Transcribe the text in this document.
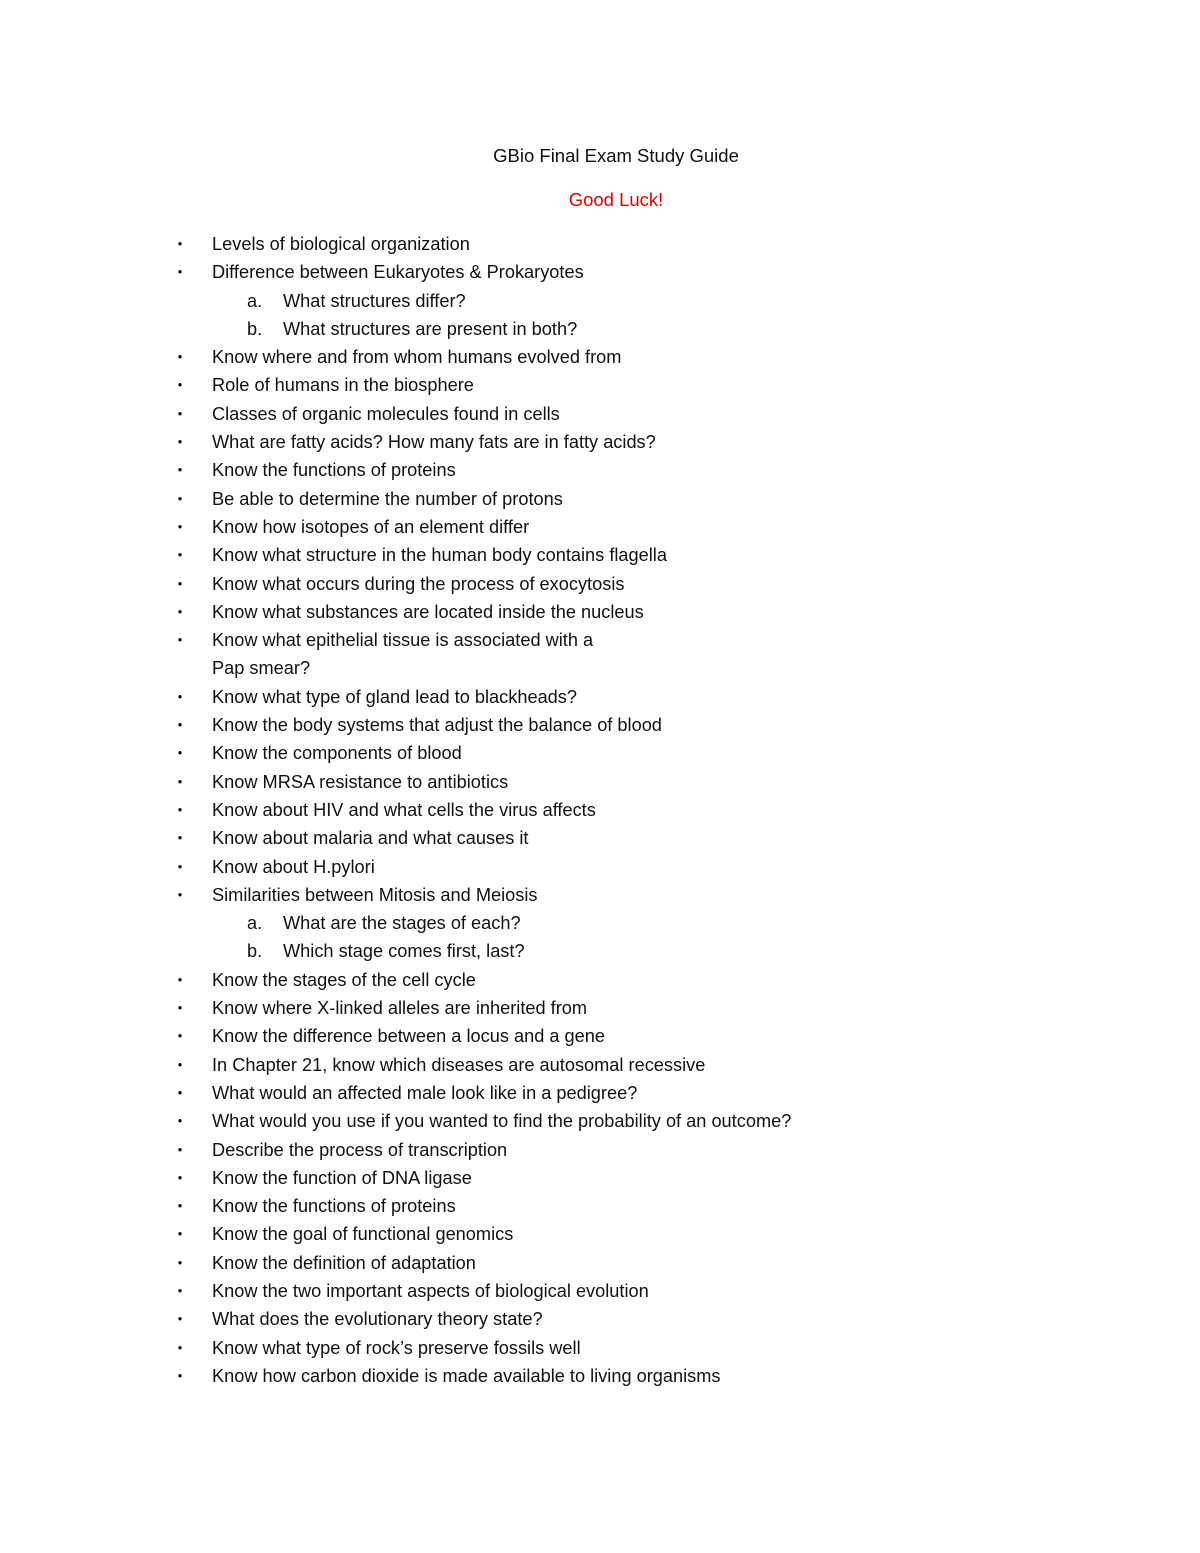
GBio Final Exam Study Guide
Good Luck!
• Levels of biological organization
• Difference between Eukaryotes & Prokaryotes
a. What structures differ?
b. What structures are present in both?
• Know where and from whom humans evolved from
• Role of humans in the biosphere
• Classes of organic molecules found in cells
• What are fatty acids? How many fats are in fatty acids?
• Know the functions of proteins
• Be able to determine the number of protons
• Know how isotopes of an element differ
• Know what structure in the human body contains flagella
• Know what occurs during the process of exocytosis
• Know what substances are located inside the nucleus
• Know what epithelial tissue is associated with a
Pap smear?
• Know what type of gland lead to blackheads?
• Know the body systems that adjust the balance of blood
• Know the components of blood
• Know MRSA resistance to antibiotics
• Know about HIV and what cells the virus affects
• Know about malaria and what causes it
• Know about H.pylori
• Similarities between Mitosis and Meiosis
a. What are the stages of each?
b. Which stage comes first, last?
• Know the stages of the cell cycle
• Know where X-linked alleles are inherited from
• Know the difference between a locus and a gene
• In Chapter 21, know which diseases are autosomal recessive
• What would an affected male look like in a pedigree?
• What would you use if you wanted to find the probability of an outcome?
• Describe the process of transcription
• Know the function of DNA ligase
• Know the functions of proteins
• Know the goal of functional genomics
• Know the definition of adaptation
• Know the two important aspects of biological evolution
• What does the evolutionary theory state?
• Know what type of rock’s preserve fossils well
• Know how carbon dioxide is made available to living organisms
